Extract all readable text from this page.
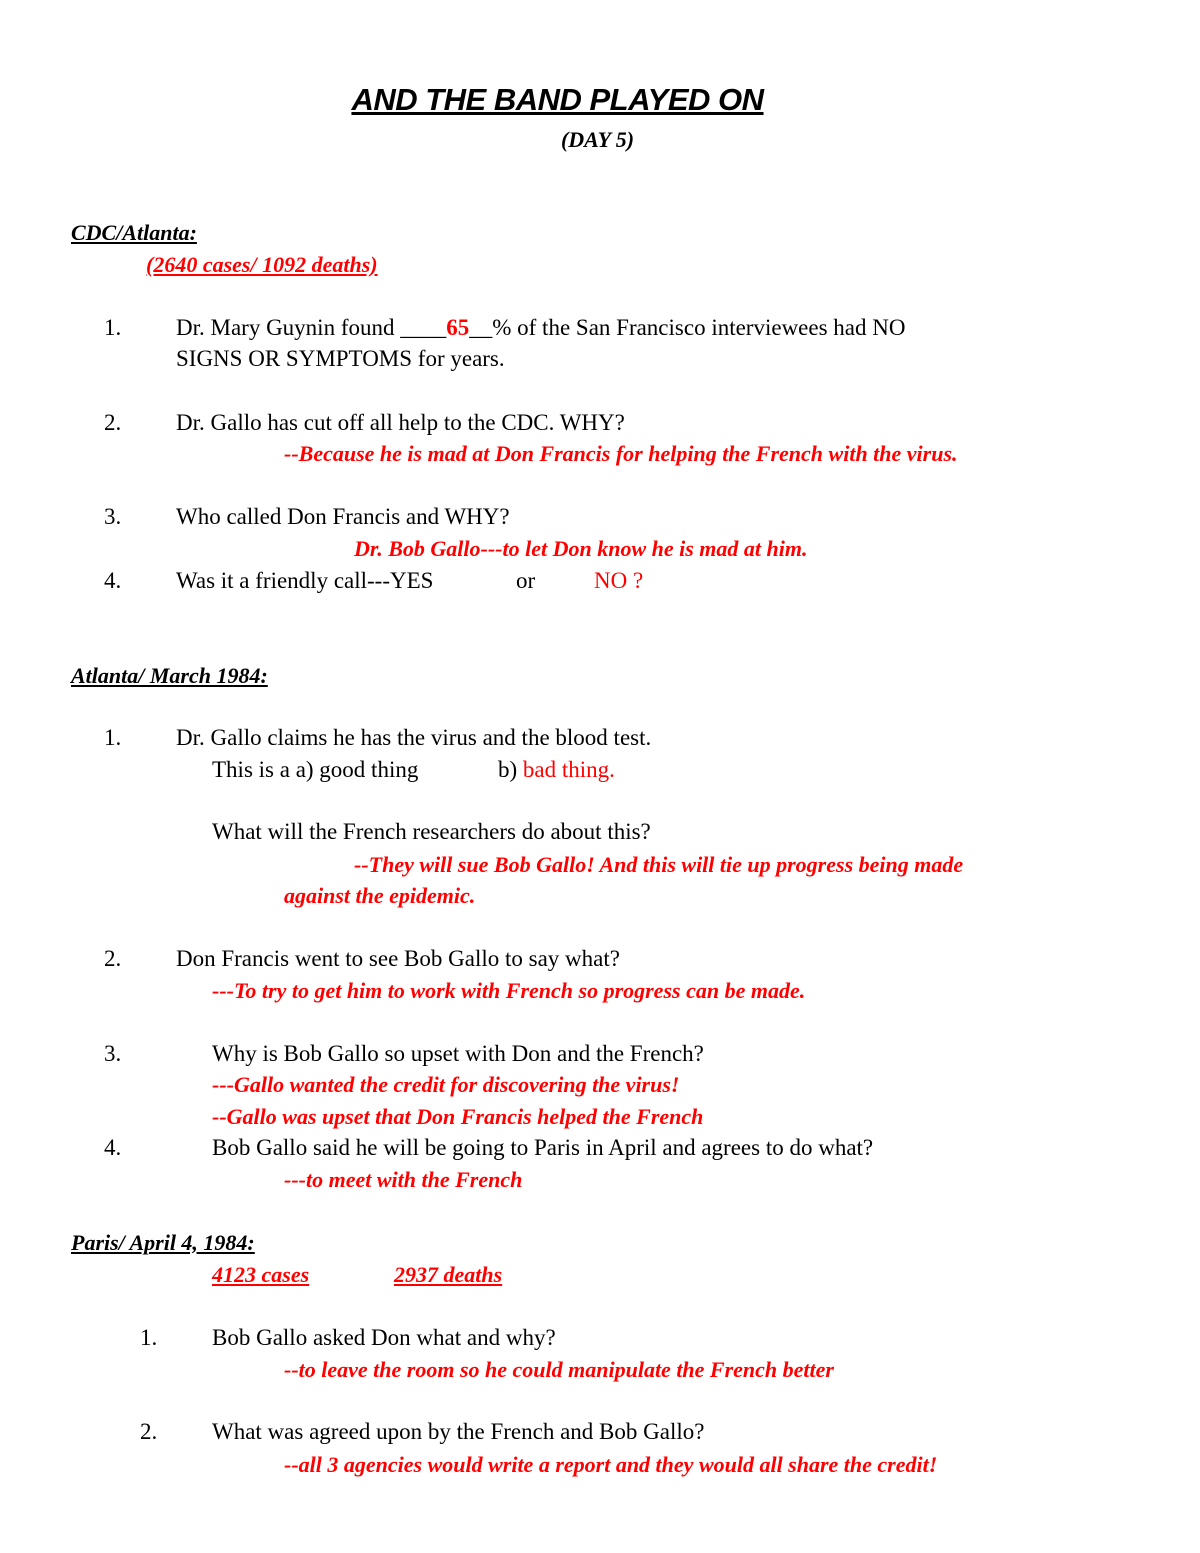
AND THE BAND PLAYED ON
(DAY 5)
CDC/Atlanta:
(2640 cases/ 1092 deaths)
1. Dr. Mary Guynin found ____65__% of the San Francisco interviewees had NO
SIGNS OR SYMPTOMS for years.
2. Dr. Gallo has cut off all help to the CDC. WHY?
--Because he is mad at Don Francis for helping the French with the virus.
3. Who called Don Francis and WHY?
Dr. Bob Gallo---to let Don know he is mad at him.
4. Was it a friendly call---YES	or	NO ?
Atlanta/ March 1984:
1. Dr. Gallo claims he has the virus and the blood test.
This is a a) good thing	b) bad thing.
What will the French researchers do about this?
--They will sue Bob Gallo! And this will tie up progress being made
against the epidemic.
2. Don Francis went to see Bob Gallo to say what?
---To try to get him to work with French so progress can be made.
3.	Why is Bob Gallo so upset with Don and the French?
---Gallo wanted the credit for discovering the virus!
--Gallo was upset that Don Francis helped the French
4.	Bob Gallo said he will be going to Paris in April and agrees to do what?
---to meet with the French
Paris/ April 4, 1984:
4123 cases	2937 deaths
1. Bob Gallo asked Don what and why?
--to leave the room so he could manipulate the French better
2. What was agreed upon by the French and Bob Gallo?
--all 3 agencies would write a report and they would all share the credit!
